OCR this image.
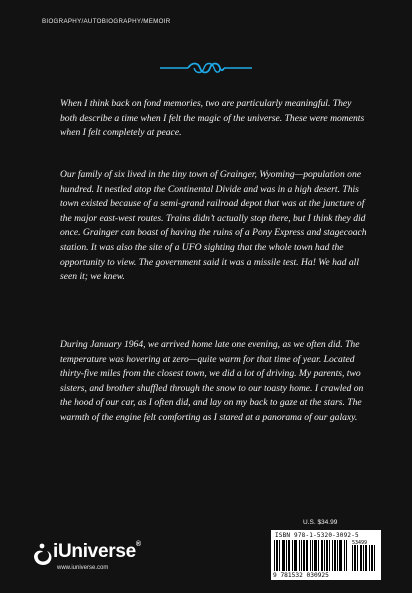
BIOGRAPHY/AUTOBIOGRAPHY/MEMOIR

When I think back on fond memories, two are particularly meaningful. They both describe a time when I felt the magic of the universe. These were moments when I felt completely at peace.

Our family of six lived in the tiny town of Grainger, Wyoming—population one hundred. It nestled atop the Continental Divide and was in a high desert. This town existed because of a semi-grand railroad depot that was at the juncture of the major east-west routes. Trains didn’t actually stop there, but I think they did once. Grainger can boast of having the ruins of a Pony Express and stagecoach station. It was also the site of a UFO sighting that the whole town had the opportunity to view. The government said it was a missile test. Ha! We had all seen it; we knew.

During January 1964, we arrived home late one evening, as we often did. The temperature was hovering at zero—quite warm for that time of year. Located thirty-five miles from the closest town, we did a lot of driving. My parents, two sisters, and brother shuffled through the snow to our toasty home. I crawled on the hood of our car, as I often did, and lay on my back to gaze at the stars. The warmth of the engine felt comforting as I stared at a panorama of our galaxy.

U.S. $34.99
ISBN 978-1-5320-3092-5
53499
9 781532 030925
iUniverse®
www.iuniverse.com
